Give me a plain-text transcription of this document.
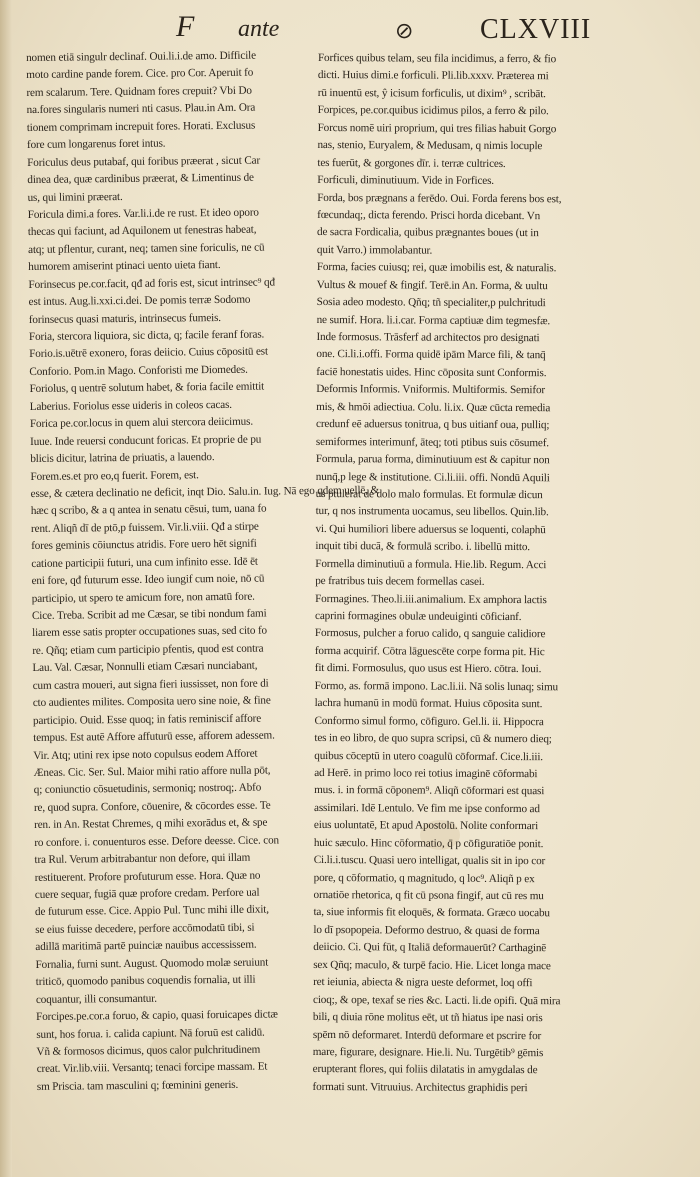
F ante	⊘ CLXVIII
nomen etiā singulr declinaf. Oui.li.i.de amo. Difficile
moto cardine pande forem. Cice. pro Cor. Aperuit fo
rem scalarum. Tere. Quidnam fores crepuit? Vbi Do
na.fores singularis numeri nti casus. Plau.in Am. Ora
tionem comprimam increpuit fores. Horati. Exclusus
fore cum longarenus foret intus.
Foriculus deus putabaf, qui foribus præerat , sicut Car
dinea dea, quæ cardinibus præerat, & Limentinus de
us, qui limini præerat.
Foricula dimi.a fores. Var.li.i.de re rust. Et ideo oporo
thecas qui faciunt, ad Aquilonem ut fenestras habeat,
atq; ut pflentur, curant, neq; tamen sine foriculis, ne cū
humorem amiserint ptinaci uento uieta fiant.
Forinsecus pe.cor.facit, qđ ad foris est, sicut intrinsec⁹ qđ
est intus. Aug.li.xxi.ci.dei. De pomis terræ Sodomo
forinsecus quasi maturis, intrinsecus fumeis.
Foria, stercora liquiora, sic dicta, q; facile feranf foras.
Forio.is.uētrē exonero, foras deiicio. Cuius cōpositū est
Conforio. Pom.in Mago. Conforisti me Diomedes.
Foriolus, q uentrē solutum habet, & foria facile emittit
Laberius. Foriolus esse uideris in coleos cacas.
Forica pe.cor.locus in quem alui stercora deiicimus.
Iuue. Inde reuersi conducunt foricas. Et proprie de pu
blicis dicitur, latrina de priuatis, a lauendo.
Forem.es.et pro eo,q fuerit. Forem, est.
esse, & cætera declinatio ne deficit, inqt Dio. Salu.in. Iug. Nā ego qdem uellē, &
hæc q scribo, & a q antea in senatu cēsui, tum, uana fo
rent. Aliqñ dī de ptō,p fuissem. Vir.li.viii. Qđ a stirpe
fores geminis cōiunctus atridis. Fore uero hēt signifi
catione participii futuri, una cum infinito esse. Idē ēt
eni fore, qđ futurum esse. Ideo iungif cum noie, nō cū
participio, ut spero te amicum fore, non amatū fore.
Cice. Treba. Scribit ad me Cæsar, se tibi nondum fami
liarem esse satis propter occupationes suas, sed cito fo
re. Qñq; etiam cum participio pfentis, quod est contra
Lau. Val. Cæsar, Nonnulli etiam Cæsari nunciabant,
cum castra moueri, aut signa fieri iussisset, non fore di
cto audientes milites. Composita uero sine noie, & fine
participio. Ouid. Esse quoq; in fatis reminiscif affore
tempus. Est autē Affore affuturū esse, afforem adessem.
Vir. Atq; utini rex ipse noto copulsus eodem Afforet
Æneas. Cic. Ser. Sul. Maior mihi ratio affore nulla pōt,
q; coniunctio cōsuetudinis, sermoniq; nostroq;. Abfo
re, quod supra. Confore, cōuenire, & cōcordes esse. Te
ren. in An. Restat Chremes, q mihi exorādus et, & spe
ro confore. i. conuenturos esse. Defore deesse. Cice. con
tra Rul. Verum arbitrabantur non defore, qui illam
restituerent. Profore profuturum esse. Hora. Quæ no
cuere sequar, fugiā quæ profore credam. Perfore ual
de futurum esse. Cice. Appio Pul. Tunc mihi ille dixit,
se eius fuisse decedere, perfore accōmodatū tibi, si
adillā maritimā partē puinciæ nauibus accessissem.
Fornalia, furni sunt. August. Quomodo molæ seruiunt
triticō, quomodo panibus coquendis fornalia, ut illi
coquantur, illi consumantur.
Forcipes.pe.cor.a foruo, & capio, quasi foruicapes dictæ
sunt, hos forua. i. calida capiunt. Nā foruū est calidū.
Vñ & formosos dicimus, quos calor pulchritudinem
creat. Vir.lib.viii. Versantq; tenaci forcipe massam. Et
sm Priscia. tam masculini q; fœminini generis.
Forfices quibus telam, seu fila incidimus, a ferro, & fio
dicti. Huius dimi.e forficuli. Pli.lib.xxxv. Præterea mi
rū inuentū est, ŷ icisum forficulis, ut dixim⁹ , scribāt.
Forpices, pe.cor.quibus icidimus pilos, a ferro & pilo.
Forcus nomē uiri proprium, qui tres filias habuit Gorgo
nas, stenio, Euryalem, & Medusam, q nimis locuple
tes fuerūt, & gorgones dīr. i. terræ cultrices.
Forficuli, diminutiuum. Vide in Forfices.
Forda, bos prægnans a ferēdo. Oui. Forda ferens bos est,
fœcundaq;, dicta ferendo. Prisci horda dicebant. Vn
de sacra Fordicalia, quibus prægnantes boues (ut in
quit Varro.) immolabantur.
Forma, facies cuiusq; rei, quæ imobilis est, & naturalis.
Vultus & mouef & fingif. Terē.in An. Forma, & uultu
Sosia adeo modesto. Qñq; tñ specialiter,p pulchritudi
ne sumif. Hora. li.i.car. Forma captiuæ dim tegmesfæ.
Inde formosus. Trāsferf ad architectos pro designati
one. Ci.li.i.offi. Forma quidē ipām Marce fili, & tanq̄
faciē honestatis uides. Hinc cōposita sunt Conformis.
Deformis Informis. Vniformis. Multiformis. Semifor
mis, & hmōi adiectiua. Colu. li.ix. Quæ cūcta remedia
credunf eē aduersus tonitrua, q bus uitianf oua, pulliq;
semiformes interimunf, āteq; toti ptibus suis cōsumef.
Formula, parua forma, diminutiuum est & capitur non
nunq̄,p lege & institutione. Ci.li.iii. offi. Nondū Aquili
us ptulerat de dolo malo formulas. Et formulæ dicun
tur, q nos instrumenta uocamus, seu libellos. Quin.lib.
vi. Qui humiliori libere aduersus se loquenti, colaphū
inquit tibi ducā, & formulā scribo. i. libellū mitto.
Formella diminutiuū a formula. Hie.lib. Regum. Acci
pe fratribus tuis decem formellas casei.
Formagines. Theo.li.iii.animalium. Ex amphora lactis
caprini formagines obulæ undeuiginti cōficianf.
Formosus, pulcher a foruo calido, q sanguie calidiore
forma acquirif. Cōtra lāguescēte corpe forma pit. Hic
fit dimi. Formosulus, quo usus est Hiero. cōtra. Ioui.
Formo, as. formā impono. Lac.li.ii. Nā solis lunaq; simu
lachra humanū in modū format. Huius cōposita sunt.
Conformo simul formo, cōfiguro. Gel.li. ii. Hippocra
tes in eo libro, de quo supra scripsi, cū & numero dieq;
quibus cōceptū in utero coagulū cōformaf. Cice.li.iii.
ad Herē. in primo loco rei totius imaginē cōformabi
mus. i. in formā cōponem⁹. Aliqñ cōformari est quasi
assimilari. Idē Lentulo. Ve fim me ipse conformo ad
eius uoluntatē, Et apud Apostolū. Nolite conformari
huic sæculo. Hinc cōformatio, q̄ p cōfiguratiōe ponit.
Ci.li.i.tuscu. Quasi uero intelligat, qualis sit in ipo cor
pore, q cōformatio, q magnitudo, q loc⁹. Aliqñ p ex
ornatiōe rhetorica, q fit cū psona fingif, aut cū res mu
ta, siue informis fit eloquēs, & formata. Græco uocabu
lo dī psopopeia. Deformo destruo, & quasi de forma
deiicio. Ci. Qui fūt, q Italiā deformauerūt? Carthaginē
sex Qñq; maculo, & turpē facio. Hie. Licet longa mace
ret ieiunia, abiecta & nigra ueste deformet, loq offi
cioq;, & ope, texaf se ries &c. Lacti. li.de opifi. Quā mira
bili, q diuia rōne molitus eēt, ut tñ hiatus ipe nasi oris
spēm nō deformaret. Interdū deformare et pscrire for
mare, figurare, designare. Hie.li. Nu. Turgētib⁹ gēmis
erupterant flores, qui foliis dilatatis in amygdalas de
formati sunt. Vitruuius. Architectus graphidis peri
